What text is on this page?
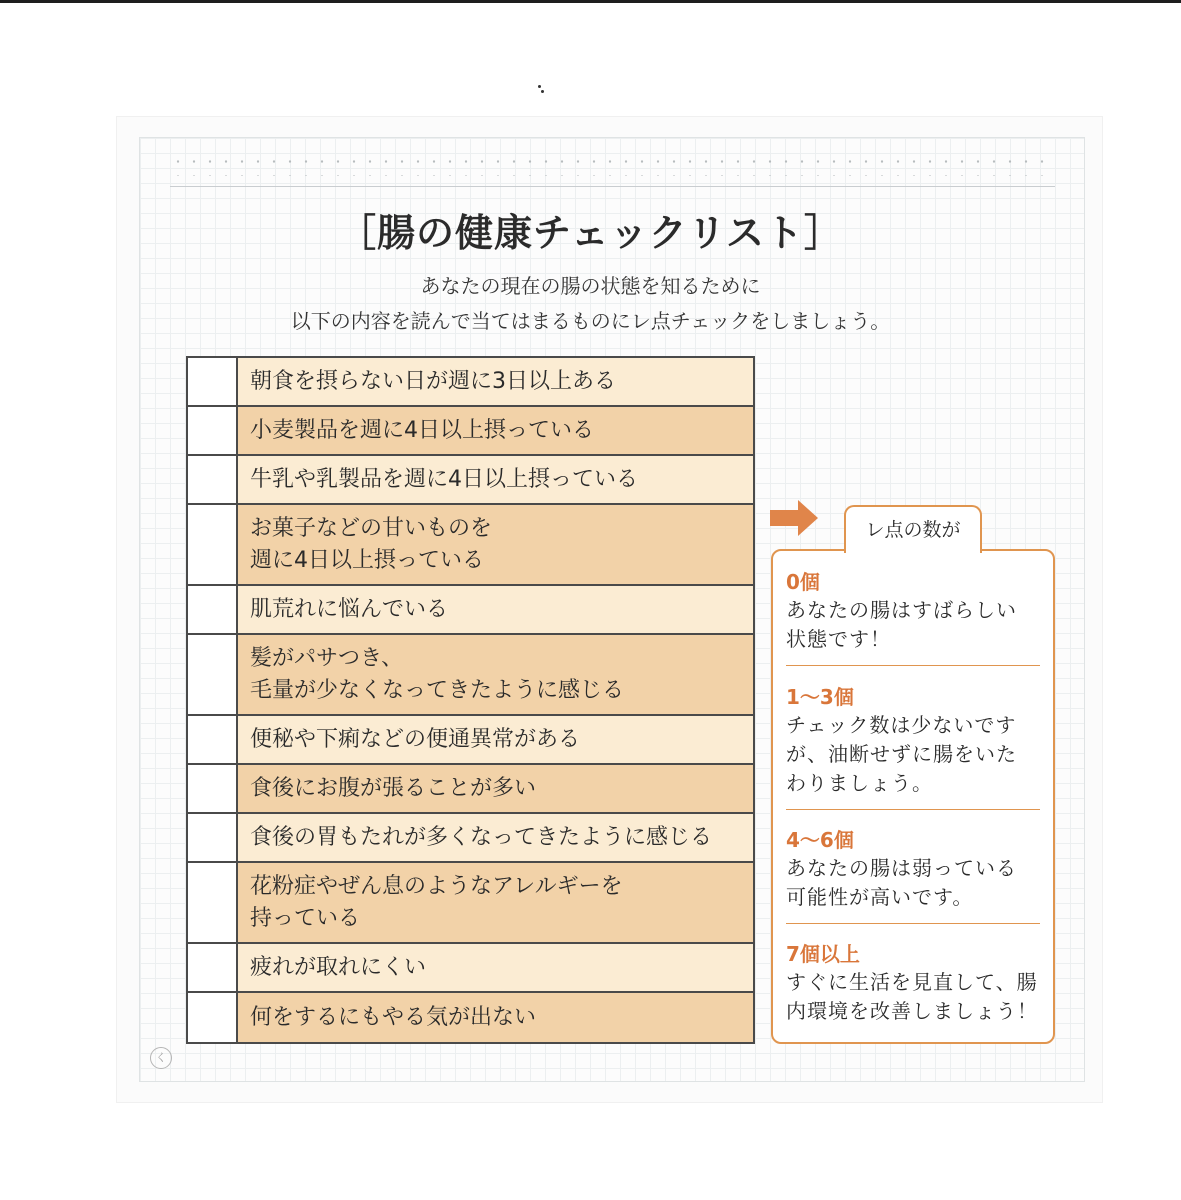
［腸の健康チェックリスト］
あなたの現在の腸の状態を知るために
以下の内容を読んで当てはまるものにレ点チェックをしましょう。
朝食を摂らない日が週に3日以上ある
小麦製品を週に4日以上摂っている
牛乳や乳製品を週に4日以上摂っている
お菓子などの甘いものを
週に4日以上摂っている
肌荒れに悩んでいる
髪がパサつき、
毛量が少なくなってきたように感じる
便秘や下痢などの便通異常がある
食後にお腹が張ることが多い
食後の胃もたれが多くなってきたように感じる
花粉症やぜん息のようなアレルギーを
持っている
疲れが取れにくい
何をするにもやる気が出ない
レ点の数が
0個
あなたの腸はすばらしい
状態です！
1〜3個
チェック数は少ないです
が、油断せずに腸をいた
わりましょう。
4〜6個
あなたの腸は弱っている
可能性が高いです。
7個以上
すぐに生活を見直して、腸
内環境を改善しましょう！
く
